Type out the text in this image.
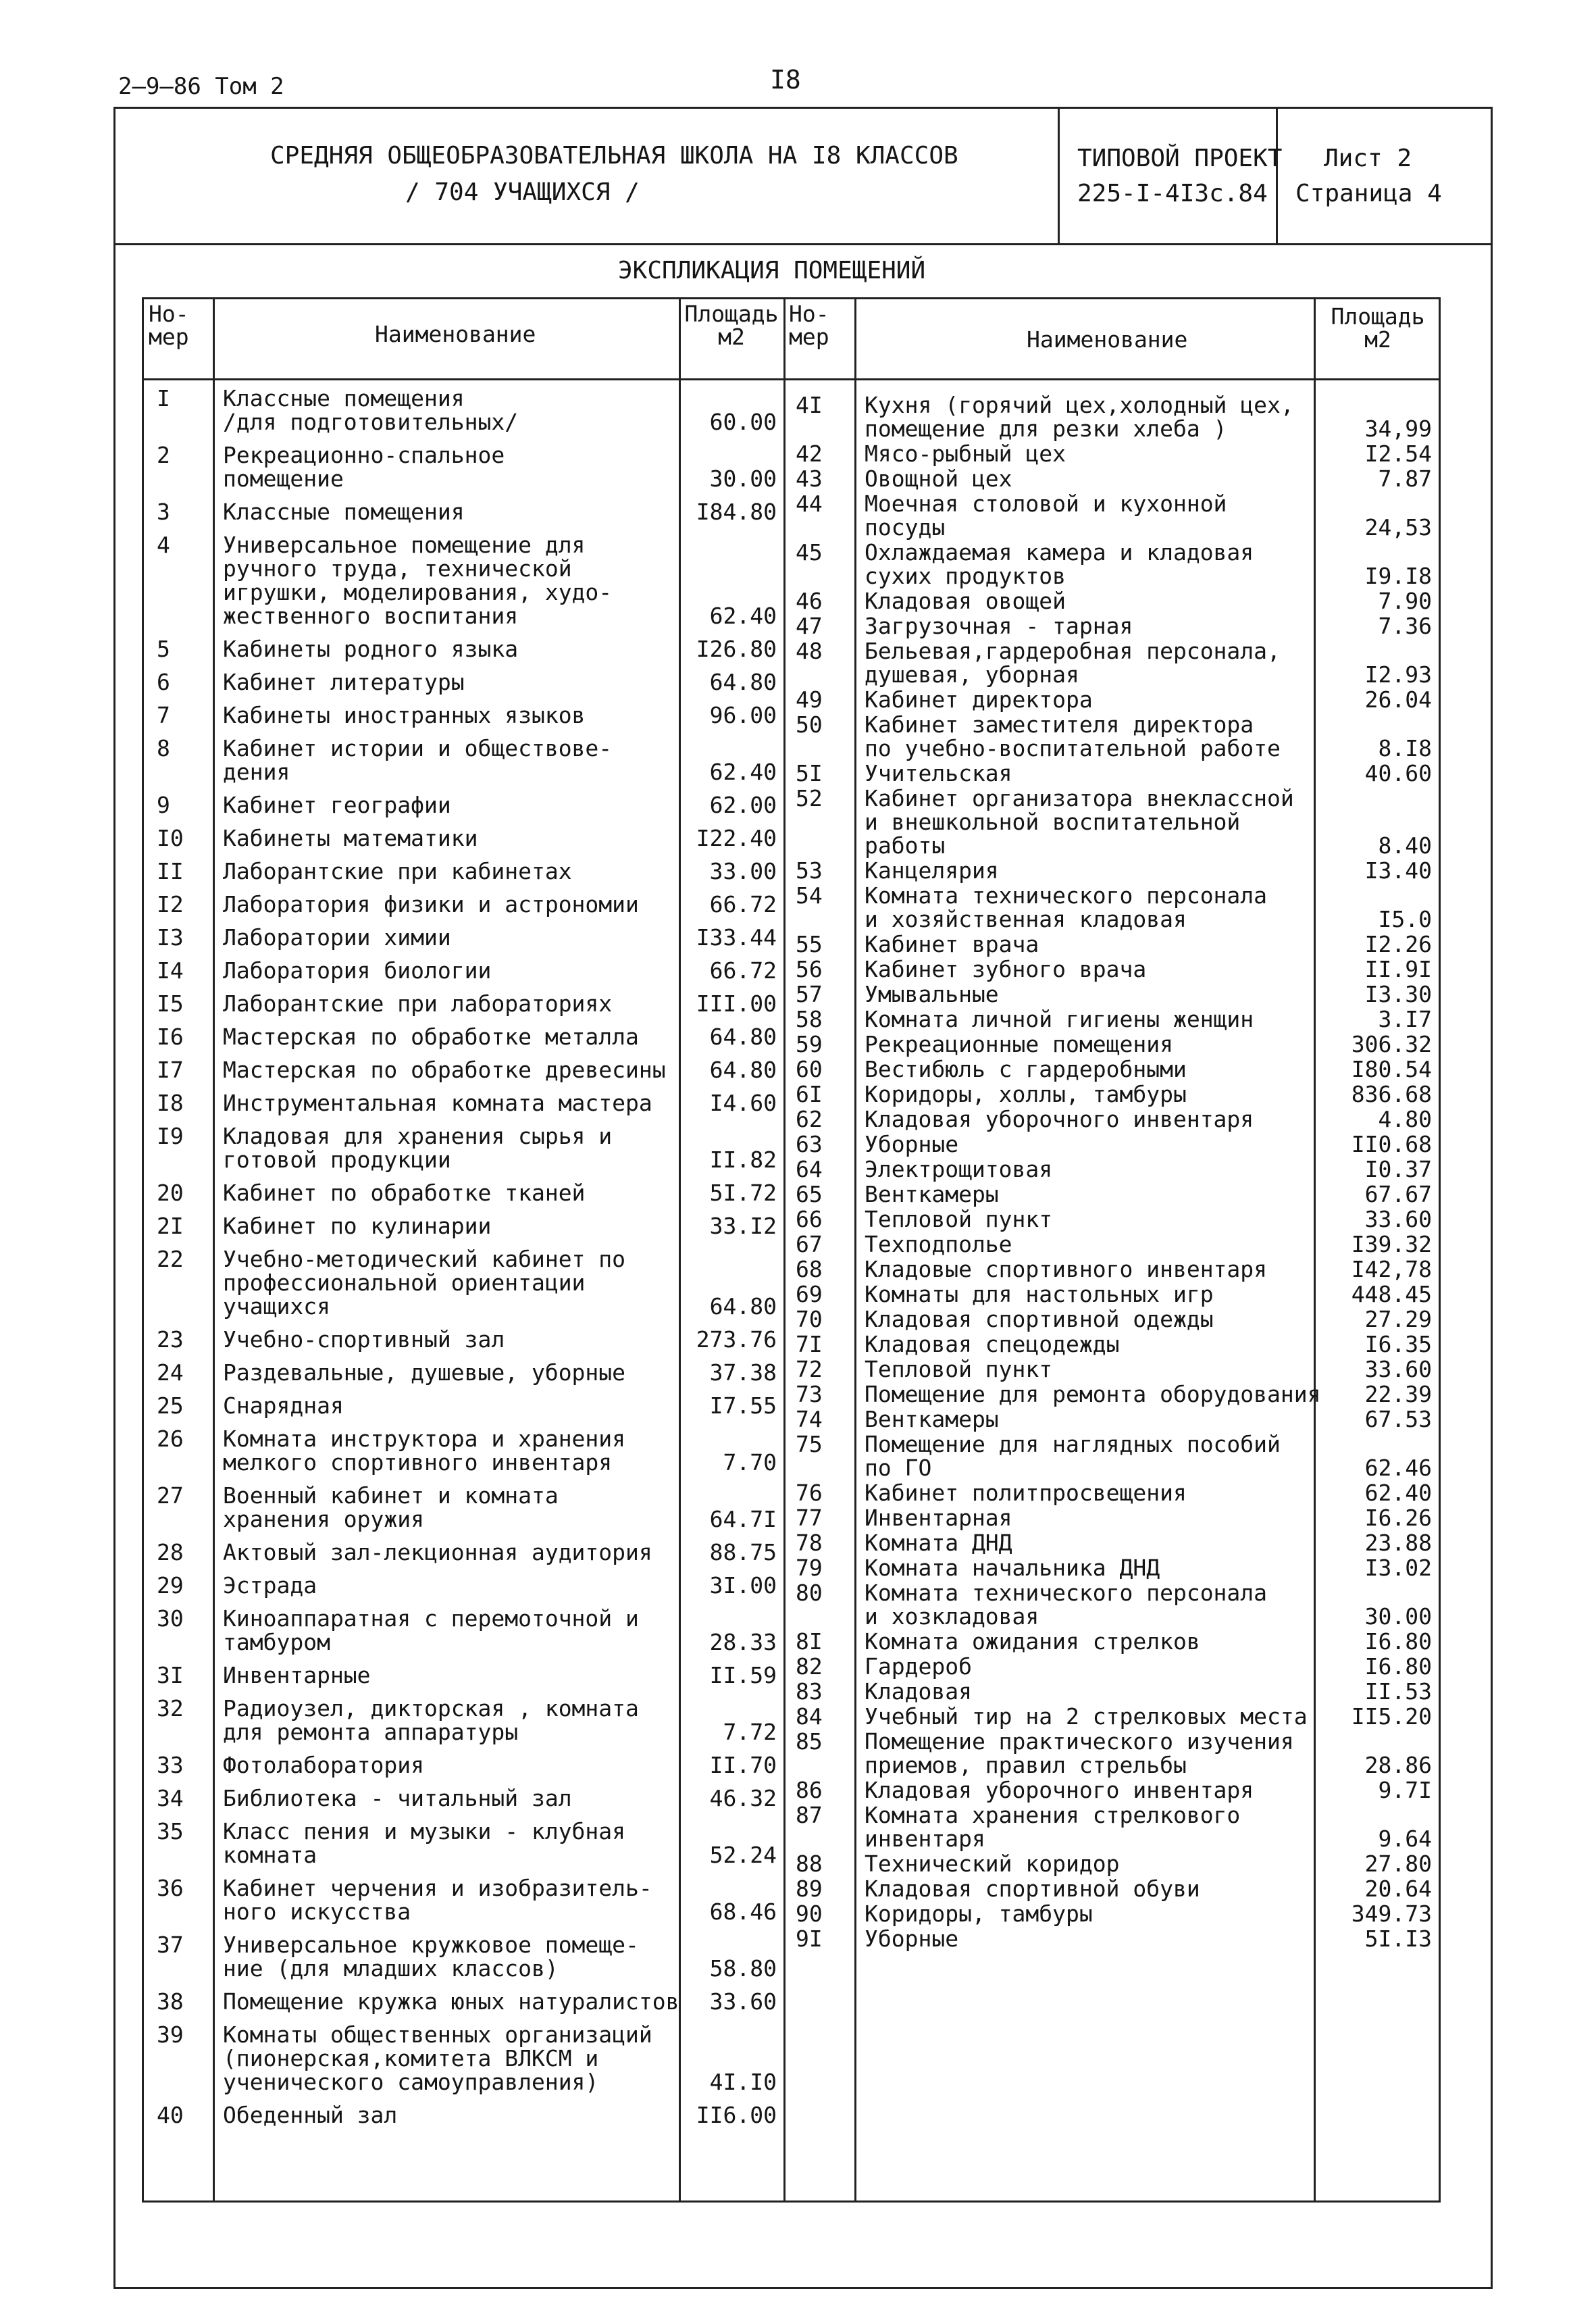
2–9–86 Том 2	I8
СРЕДНЯЯ ОБЩЕОБРАЗОВАТЕЛЬНАЯ ШКОЛА НА I8 КЛАССОВ
/ 704 УЧАЩИХСЯ /
ТИПОВОЙ ПРОЕКТ
225-I-4I3с.84
Лист 2
Страница 4
ЭКСПЛИКАЦИЯ ПОМЕЩЕНИЙ
Но-
мер	Наименование
Площадь
м2
Но-
мер	Наименование
Площадь
м2
I Классные помещения
/для подготовительных/	60.00
2 Рекреационно-спальное
помещение	30.00
3 Классные помещения	I84.80
4 Универсальное помещение для
ручного труда, технической
игрушки, моделирования, худо-
жественного воспитания	62.40
5 Кабинеты родного языка	I26.80
6 Кабинет литературы	64.80
7 Кабинеты иностранных языков	96.00
8 Кабинет истории и обществове-
дения	62.40
9 Кабинет географии	62.00
I0 Кабинеты математики	I22.40
II Лаборантские при кабинетах	33.00
I2 Лаборатория физики и астрономии	66.72
I3 Лаборатории химии	I33.44
I4 Лаборатория биологии	66.72
I5 Лаборантские при лабораториях	III.00
I6 Мастерская по обработке металла	64.80
I7 Мастерская по обработке древесины	64.80
I8 Инструментальная комната мастера	I4.60
I9 Кладовая для хранения сырья и
готовой продукции	II.82
20 Кабинет по обработке тканей	5I.72
2I Кабинет по кулинарии	33.I2
22 Учебно-методический кабинет по
профессиональной ориентации
учащихся	64.80
23 Учебно-спортивный зал	273.76
24 Раздевальные, душевые, уборные	37.38
25 Снарядная	I7.55
26 Комната инструктора и хранения
мелкого спортивного инвентаря	7.70
27 Военный кабинет и комната
хранения оружия	64.7I
28 Актовый зал-лекционная аудитория	88.75
29 Эстрада	3I.00
30 Киноаппаратная с перемоточной и
тамбуром	28.33
3I Инвентарные	II.59
32 Радиоузел, дикторская , комната
для ремонта аппаратуры	7.72
33 Фотолаборатория	II.70
34 Библиотека - читальный зал	46.32
35 Класс пения и музыки - клубная
комната	52.24
36 Кабинет черчения и изобразитель-
ного искусства	68.46
37 Универсальное кружковое помеще-
ние (для младших классов)	58.80
38 Помещение кружка юных натуралистов	33.60
39 Комнаты общественных организаций
(пионерская,комитета ВЛКСМ и
ученического самоуправления)	4I.I0
40 Обеденный зал	II6.00
4I Кухня (горячий цех,холодный цех,
помещение для резки хлеба )	34,99
42 Мясо-рыбный цех	I2.54
43 Овощной цех	7.87
44 Моечная столовой и кухонной
посуды	24,53
45 Охлаждаемая камера и кладовая
сухих продуктов	I9.I8
46 Кладовая овощей	7.90
47 Загрузочная - тарная	7.36
48 Бельевая,гардеробная персонала,
душевая, уборная	I2.93
49 Кабинет директора	26.04
50 Кабинет заместителя директора
по учебно-воспитательной работе	8.I8
5I Учительская	40.60
52 Кабинет организатора внеклассной
и внешкольной воспитательной
работы	8.40
53 Канцелярия	I3.40
54 Комната технического персонала
и хозяйственная кладовая	I5.0
55 Кабинет врача	I2.26
56 Кабинет зубного врача	II.9I
57 Умывальные	I3.30
58 Комната личной гигиены женщин	3.I7
59 Рекреационные помещения	306.32
60 Вестибюль с гардеробными	I80.54
6I Коридоры, холлы, тамбуры	836.68
62 Кладовая уборочного инвентаря	4.80
63 Уборные	II0.68
64 Электрощитовая	I0.37
65 Венткамеры	67.67
66 Тепловой пункт	33.60
67 Техподполье	I39.32
68 Кладовые спортивного инвентаря	I42,78
69 Комнаты для настольных игр	448.45
70 Кладовая спортивной одежды	27.29
7I Кладовая спецодежды	I6.35
72 Тепловой пункт	33.60
73 Помещение для ремонта оборудования	22.39
74 Венткамеры	67.53
75 Помещение для наглядных пособий
по ГО	62.46
76 Кабинет политпросвещения	62.40
77 Инвентарная	I6.26
78 Комната ДНД	23.88
79 Комната начальника ДНД	I3.02
80 Комната технического персонала
и хозкладовая	30.00
8I Комната ожидания стрелков	I6.80
82 Гардероб	I6.80
83 Кладовая	II.53
84 Учебный тир на 2 стрелковых места	II5.20
85 Помещение практического изучения
приемов, правил стрельбы	28.86
86 Кладовая уборочного инвентаря	9.7I
87 Комната хранения стрелкового
инвентаря	9.64
88 Технический коридор	27.80
89 Кладовая спортивной обуви	20.64
90 Коридоры, тамбуры	349.73
9I Уборные	5I.I3
